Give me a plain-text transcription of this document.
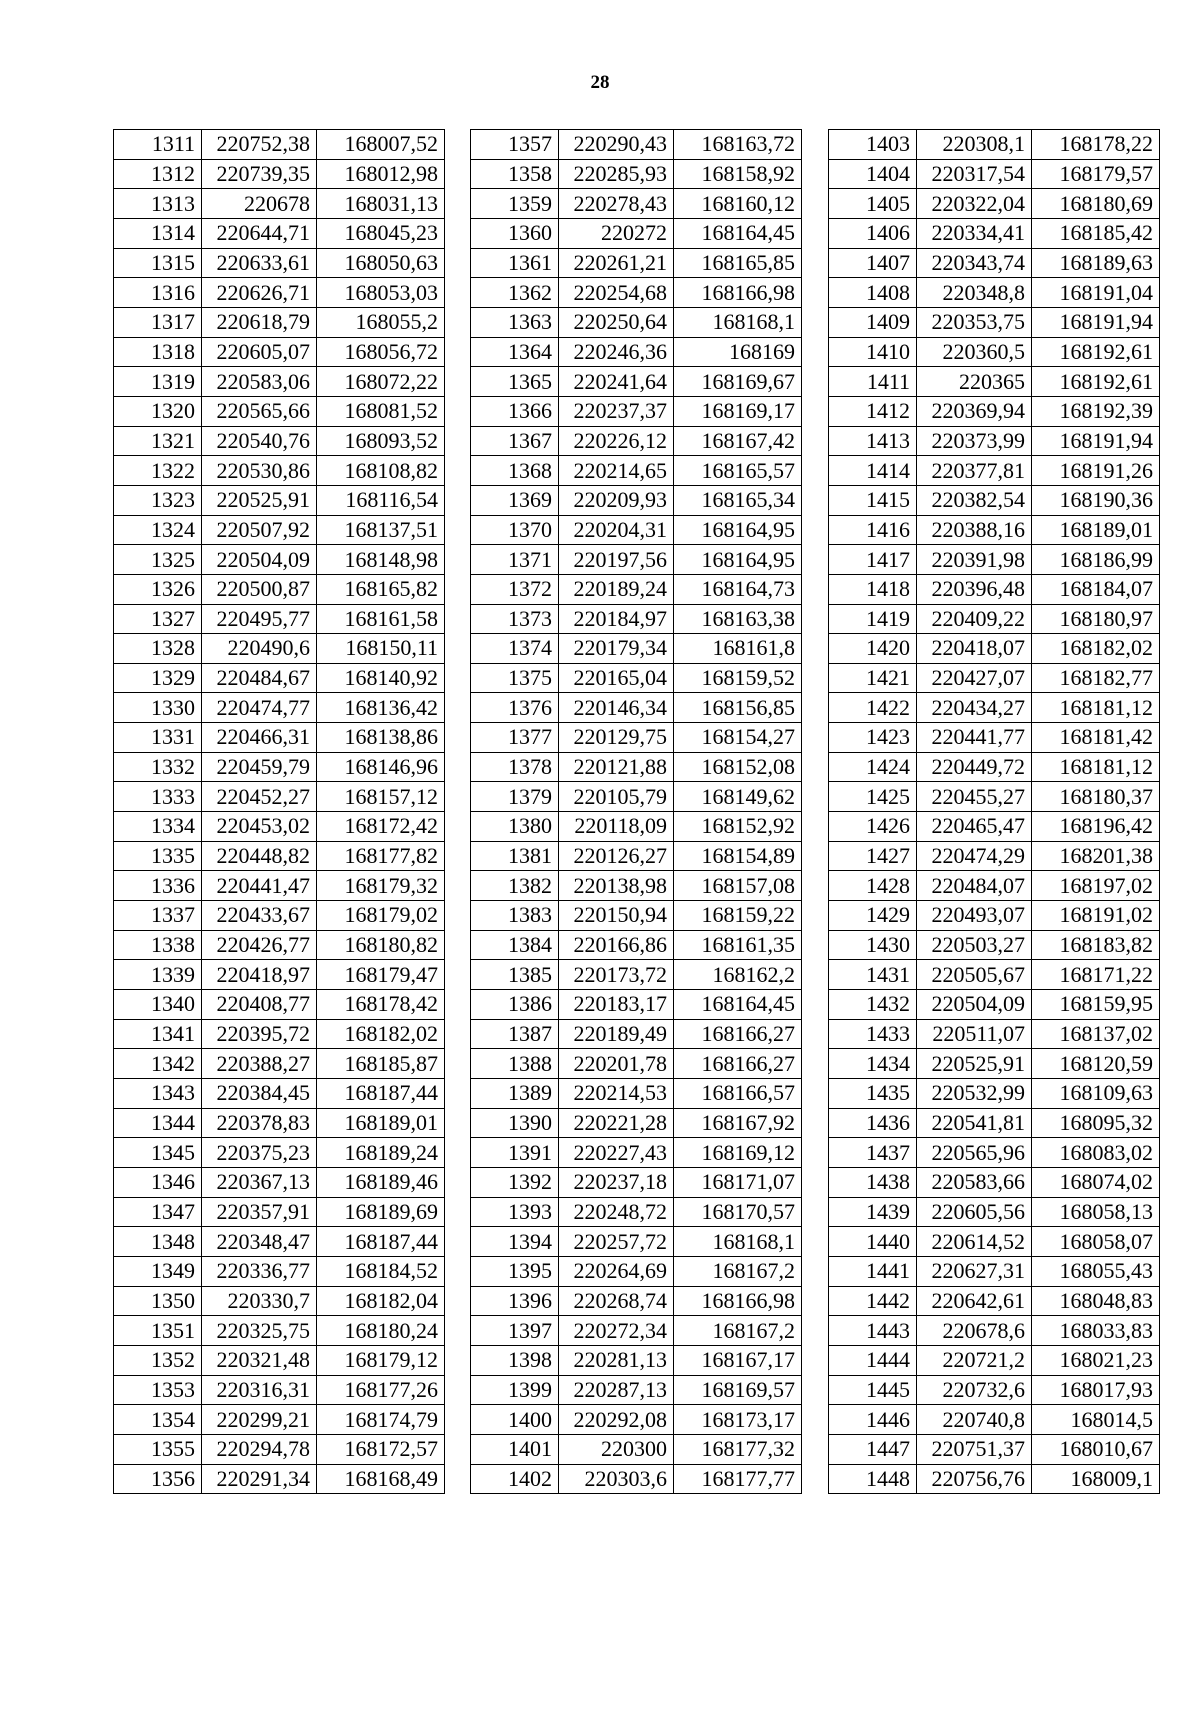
28
1311	220752,38	168007,52
1312	220739,35	168012,98
1313	220678	168031,13
1314	220644,71	168045,23
1315	220633,61	168050,63
1316	220626,71	168053,03
1317	220618,79	168055,2
1318	220605,07	168056,72
1319	220583,06	168072,22
1320	220565,66	168081,52
1321	220540,76	168093,52
1322	220530,86	168108,82
1323	220525,91	168116,54
1324	220507,92	168137,51
1325	220504,09	168148,98
1326	220500,87	168165,82
1327	220495,77	168161,58
1328	220490,6	168150,11
1329	220484,67	168140,92
1330	220474,77	168136,42
1331	220466,31	168138,86
1332	220459,79	168146,96
1333	220452,27	168157,12
1334	220453,02	168172,42
1335	220448,82	168177,82
1336	220441,47	168179,32
1337	220433,67	168179,02
1338	220426,77	168180,82
1339	220418,97	168179,47
1340	220408,77	168178,42
1341	220395,72	168182,02
1342	220388,27	168185,87
1343	220384,45	168187,44
1344	220378,83	168189,01
1345	220375,23	168189,24
1346	220367,13	168189,46
1347	220357,91	168189,69
1348	220348,47	168187,44
1349	220336,77	168184,52
1350	220330,7	168182,04
1351	220325,75	168180,24
1352	220321,48	168179,12
1353	220316,31	168177,26
1354	220299,21	168174,79
1355	220294,78	168172,57
1356	220291,34	168168,49
1357	220290,43	168163,72
1358	220285,93	168158,92
1359	220278,43	168160,12
1360	220272	168164,45
1361	220261,21	168165,85
1362	220254,68	168166,98
1363	220250,64	168168,1
1364	220246,36	168169
1365	220241,64	168169,67
1366	220237,37	168169,17
1367	220226,12	168167,42
1368	220214,65	168165,57
1369	220209,93	168165,34
1370	220204,31	168164,95
1371	220197,56	168164,95
1372	220189,24	168164,73
1373	220184,97	168163,38
1374	220179,34	168161,8
1375	220165,04	168159,52
1376	220146,34	168156,85
1377	220129,75	168154,27
1378	220121,88	168152,08
1379	220105,79	168149,62
1380	220118,09	168152,92
1381	220126,27	168154,89
1382	220138,98	168157,08
1383	220150,94	168159,22
1384	220166,86	168161,35
1385	220173,72	168162,2
1386	220183,17	168164,45
1387	220189,49	168166,27
1388	220201,78	168166,27
1389	220214,53	168166,57
1390	220221,28	168167,92
1391	220227,43	168169,12
1392	220237,18	168171,07
1393	220248,72	168170,57
1394	220257,72	168168,1
1395	220264,69	168167,2
1396	220268,74	168166,98
1397	220272,34	168167,2
1398	220281,13	168167,17
1399	220287,13	168169,57
1400	220292,08	168173,17
1401	220300	168177,32
1402	220303,6	168177,77
1403	220308,1	168178,22
1404	220317,54	168179,57
1405	220322,04	168180,69
1406	220334,41	168185,42
1407	220343,74	168189,63
1408	220348,8	168191,04
1409	220353,75	168191,94
1410	220360,5	168192,61
1411	220365	168192,61
1412	220369,94	168192,39
1413	220373,99	168191,94
1414	220377,81	168191,26
1415	220382,54	168190,36
1416	220388,16	168189,01
1417	220391,98	168186,99
1418	220396,48	168184,07
1419	220409,22	168180,97
1420	220418,07	168182,02
1421	220427,07	168182,77
1422	220434,27	168181,12
1423	220441,77	168181,42
1424	220449,72	168181,12
1425	220455,27	168180,37
1426	220465,47	168196,42
1427	220474,29	168201,38
1428	220484,07	168197,02
1429	220493,07	168191,02
1430	220503,27	168183,82
1431	220505,67	168171,22
1432	220504,09	168159,95
1433	220511,07	168137,02
1434	220525,91	168120,59
1435	220532,99	168109,63
1436	220541,81	168095,32
1437	220565,96	168083,02
1438	220583,66	168074,02
1439	220605,56	168058,13
1440	220614,52	168058,07
1441	220627,31	168055,43
1442	220642,61	168048,83
1443	220678,6	168033,83
1444	220721,2	168021,23
1445	220732,6	168017,93
1446	220740,8	168014,5
1447	220751,37	168010,67
1448	220756,76	168009,1
